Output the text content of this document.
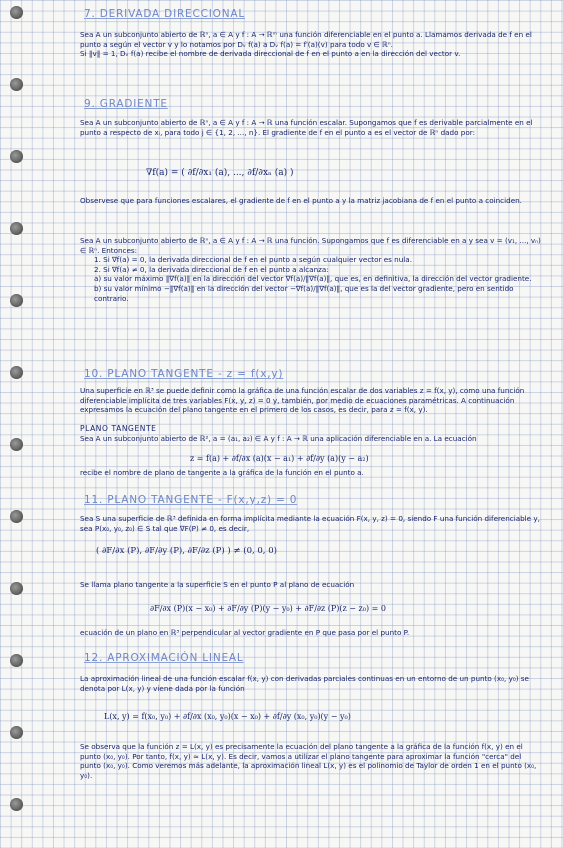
7. DERIVADA DIRECCIONAL

Sea A un subconjunto abierto de ℝⁿ, a ∈ A y f : A → ℝᵐ una función diferenciable en el punto a. Llamamos derivada de f en el punto a según el vector v y lo notamos por Dᵥ f(a) a Dᵥ f(a) = f′(a)(v) para todo v ∈ ℝⁿ.

Si ‖v‖ = 1, Dᵥ f(a) recibe el nombre de derivada direccional de f en el punto a en la dirección del vector v.

9. GRADIENTE

Sea A un subconjunto abierto de ℝⁿ, a ∈ A y f : A → ℝ una función escalar. Supongamos que f es derivable parcialmente en el punto a respecto de xᵢ, para todo j ∈ {1, 2, ..., n}. El gradiente de f en el punto a es el vector de ℝⁿ dado por:

∇f(a) = ( ∂f/∂x₁ (a), ..., ∂f/∂xₙ (a) )

Observese que para funciones escalares, el gradiente de f en el punto a y la matriz jacobiana de f en el punto a coinciden.

Sea A un subconjunto abierto de ℝⁿ, a ∈ A y f : A → ℝ una función. Supongamos que f es diferenciable en a y sea v = (v₁, ..., vₙ) ∈ ℝⁿ. Entonces:

1. Si ∇f(a) = 0, la derivada direccional de f en el punto a según cualquier vector es nula.

2. Si ∇f(a) ≠ 0, la derivada direccional de f en el punto a alcanza:

a) su valor máximo ‖∇f(a)‖ en la dirección del vector ∇f(a)/‖∇f(a)‖, que es, en definitiva, la dirección del vector gradiente.

b) su valor mínimo −‖∇f(a)‖ en la dirección del vector −∇f(a)/‖∇f(a)‖, que es la del vector gradiente, pero en sentido contrario.

10. PLANO TANGENTE - z = f(x,y)

Una superficie en ℝ³ se puede definir como la gráfica de una función escalar de dos variables z = f(x, y), como una función diferenciable implícita de tres variables F(x, y, z) = 0 y, también, por medio de ecuaciones paramétricas. A continuación expresamos la ecuación del plano tangente en el primero de los casos, es decir, para z = f(x, y).

PLANO TANGENTE

Sea A un subconjunto abierto de ℝ², a = (a₁, a₂) ∈ A y f : A → ℝ una aplicación diferenciable en a. La ecuación

z = f(a) + ∂f/∂x (a)(x − a₁) + ∂f/∂y (a)(y − a₂)

recibe el nombre de plano de tangente a la gráfica de la función en el punto a.

11. PLANO TANGENTE - F(x,y,z) = 0

Sea S una superficie de ℝ³ definida en forma implícita mediante la ecuación F(x, y, z) = 0, siendo F una función diferenciable y, sea P(x₀, y₀, z₀) ∈ S tal que ∇F(P) ≠ 0, es decir,

( ∂F/∂x (P), ∂F/∂y (P), ∂F/∂z (P) ) ≠ (0, 0, 0)

Se llama plano tangente a la superficie S en el punto P al plano de ecuación

∂F/∂x (P)(x − x₀) + ∂F/∂y (P)(y − y₀) + ∂F/∂z (P)(z − z₀) = 0

ecuación de un plano en ℝ³ perpendicular al vector gradiente en P que pasa por el punto P.

12. APROXIMACIÓN LINEAL

La aproximación lineal de una función escalar f(x, y) con derivadas parciales continuas en un entorno de un punto (x₀, y₀) se denota por L(x, y) y viene dada por la función

L(x, y) = f(x₀, y₀) + ∂f/∂x (x₀, y₀)(x − x₀) + ∂f/∂y (x₀, y₀)(y − y₀)

Se observa que la función z = L(x, y) es precisamente la ecuación del plano tangente a la gráfica de la función f(x, y) en el punto (x₀, y₀). Por tanto, f(x, y) ≈ L(x, y). Es decir, vamos a utilizar el plano tangente para aproximar la función "cerca" del punto (x₀, y₀). Como veremos más adelante, la aproximación lineal L(x, y) es el polinomio de Taylor de orden 1 en el punto (x₀, y₀).
